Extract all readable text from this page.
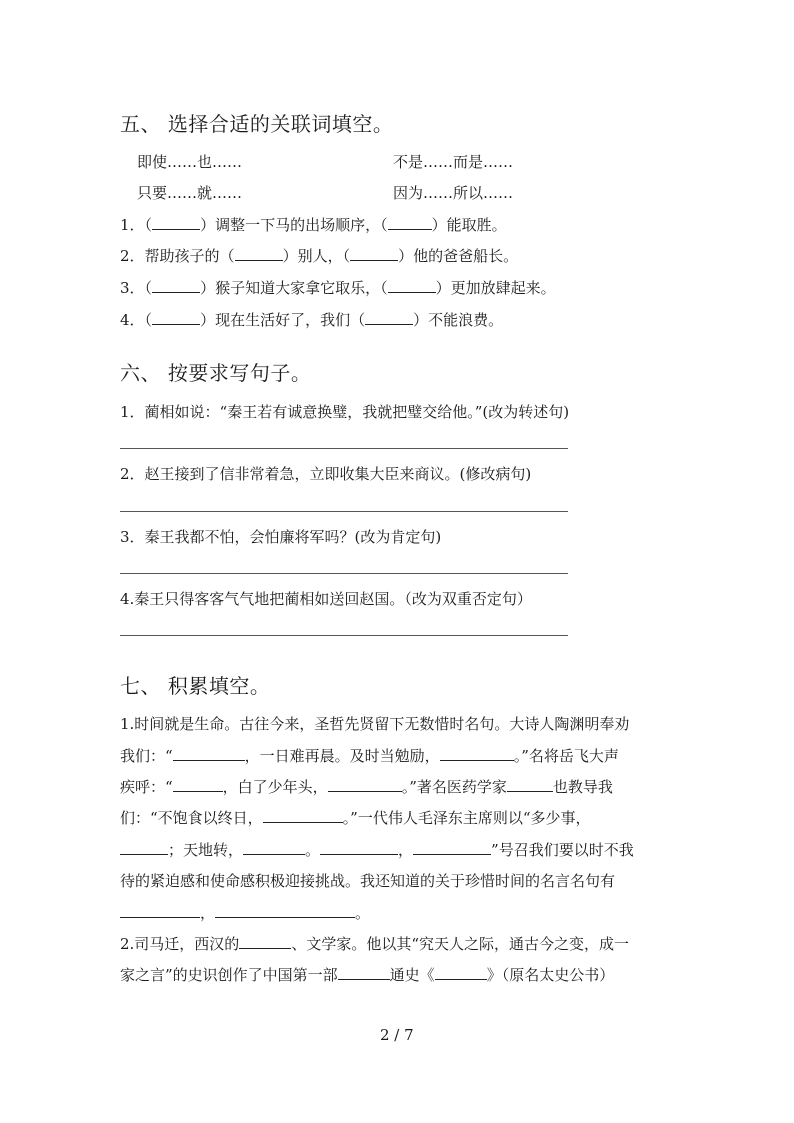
五、 选择合适的关联词填空。
即使……也……	不是……而是……
只要……就……	因为……所以……
1．（	）调整一下马的出场顺序，（	）能取胜。
2．帮助孩子的（	）别人，（	）他的爸爸船长。
3．（	）猴子知道大家拿它取乐，（	）更加放肆起来。
4．（	）现在生活好了，我们（	）不能浪费。
六、 按要求写句子。
1．蔺相如说：“秦王若有诚意换璧，我就把璧交给他。”(改为转述句)
2．赵王接到了信非常着急，立即收集大臣来商议。(修改病句)
3．秦王我都不怕，会怕廉将军吗？(改为肯定句)
4.秦王只得客客气气地把蔺相如送回赵国。（改为双重否定句）
七、 积累填空。
1.时间就是生命。古往今来，圣哲先贤留下无数惜时名句。大诗人陶渊明奉劝
我们：“	，一日难再晨。及时当勉励，	。”名将岳飞大声
疾呼：“	，白了少年头，	。”著名医药学家	也教导我
们：“不饱食以终日，	。”一代伟人毛泽东主席则以“多少事，
；天地转，	。	，	”号召我们要以时不我
待的紧迫感和使命感积极迎接挑战。我还知道的关于珍惜时间的名言名句有
，	。
2.司马迁，西汉的	、文学家。他以其“究天人之际，通古今之变，成一
家之言”的史识创作了中国第一部	通史《	》（原名太史公书）
2 / 7
